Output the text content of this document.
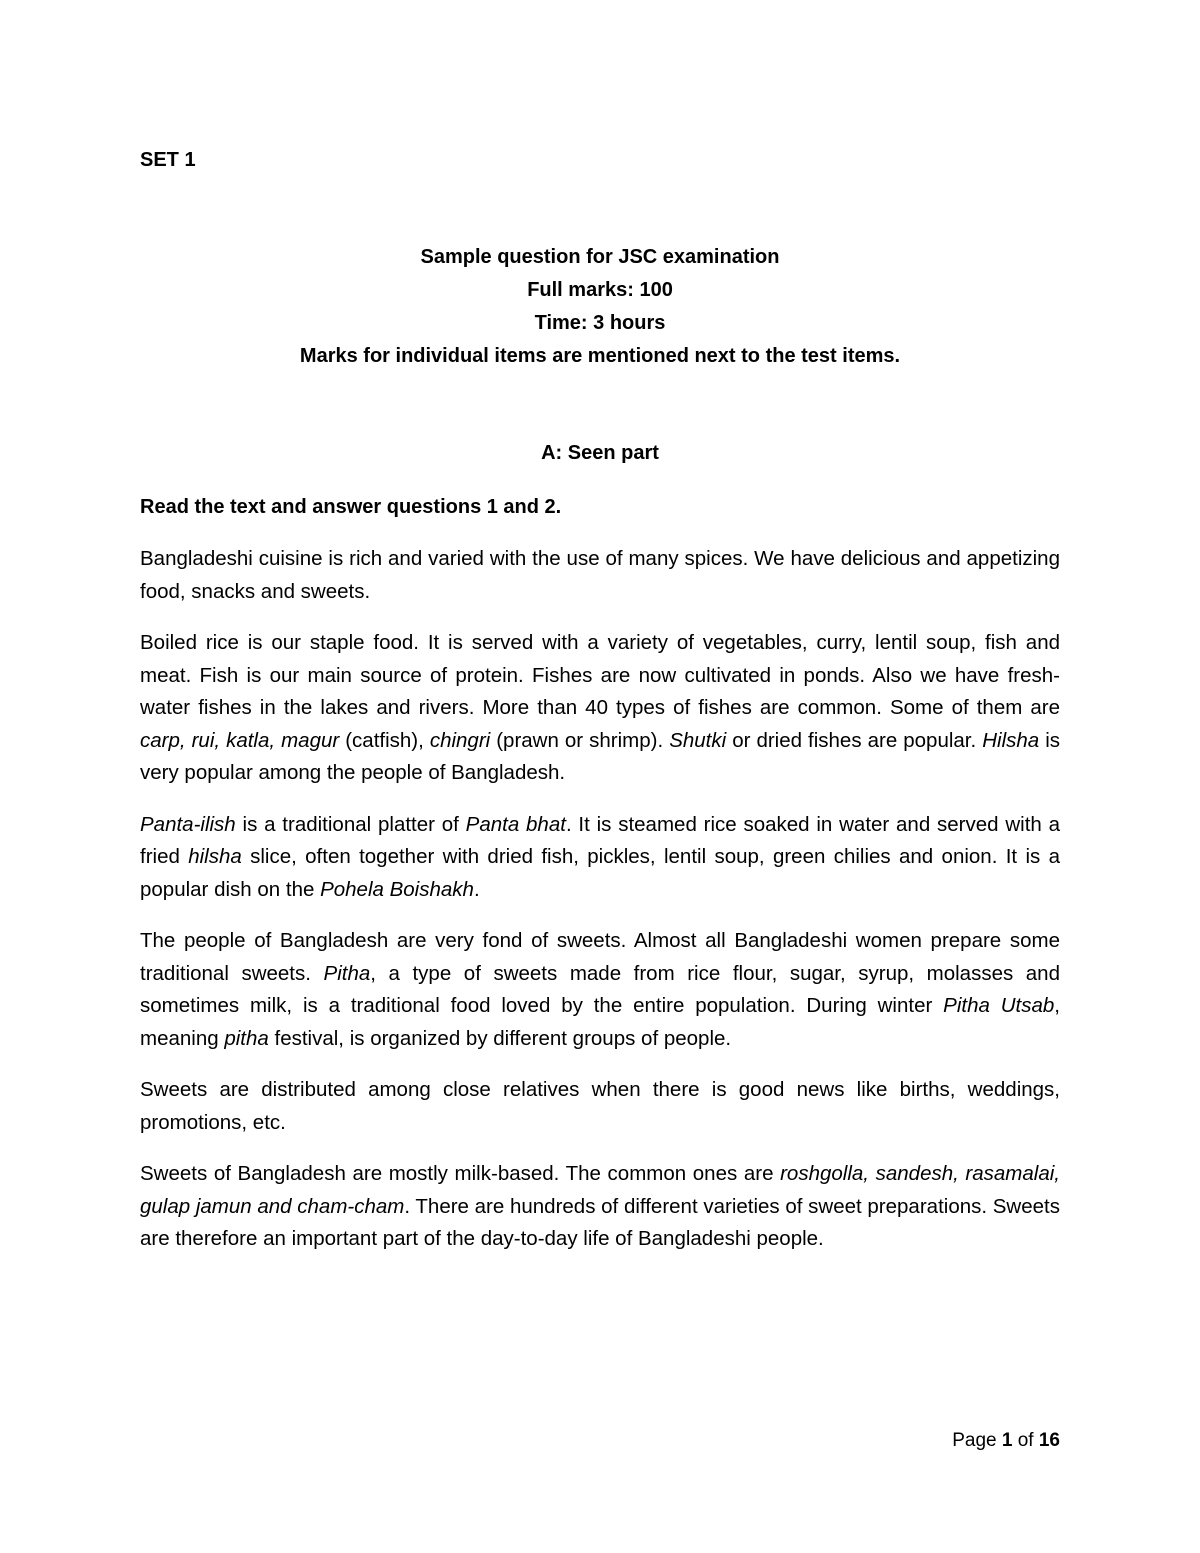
SET 1
Sample question for JSC examination
Full marks: 100
Time: 3 hours
Marks for individual items are mentioned next to the test items.
A: Seen part
Read the text and answer questions 1 and 2.

Bangladeshi cuisine is rich and varied with the use of many spices. We have delicious and appetizing food, snacks and sweets.

Boiled rice is our staple food. It is served with a variety of vegetables, curry, lentil soup, fish and meat. Fish is our main source of protein. Fishes are now cultivated in ponds. Also we have fresh-water fishes in the lakes and rivers. More than 40 types of fishes are common. Some of them are carp, rui, katla, magur (catfish), chingri (prawn or shrimp). Shutki or dried fishes are popular. Hilsha is very popular among the people of Bangladesh.

Panta-ilish is a traditional platter of Panta bhat. It is steamed rice soaked in water and served with a fried hilsha slice, often together with dried fish, pickles, lentil soup, green chilies and onion. It is a popular dish on the Pohela Boishakh.

The people of Bangladesh are very fond of sweets. Almost all Bangladeshi women prepare some traditional sweets. Pitha, a type of sweets made from rice flour, sugar, syrup, molasses and sometimes milk, is a traditional food loved by the entire population. During winter Pitha Utsab, meaning pitha festival, is organized by different groups of people.

Sweets are distributed among close relatives when there is good news like births, weddings, promotions, etc.

Sweets of Bangladesh are mostly milk-based. The common ones are roshgolla, sandesh, rasamalai, gulap jamun and cham-cham. There are hundreds of different varieties of sweet preparations. Sweets are therefore an important part of the day-to-day life of Bangladeshi people.

Page 1 of 16
